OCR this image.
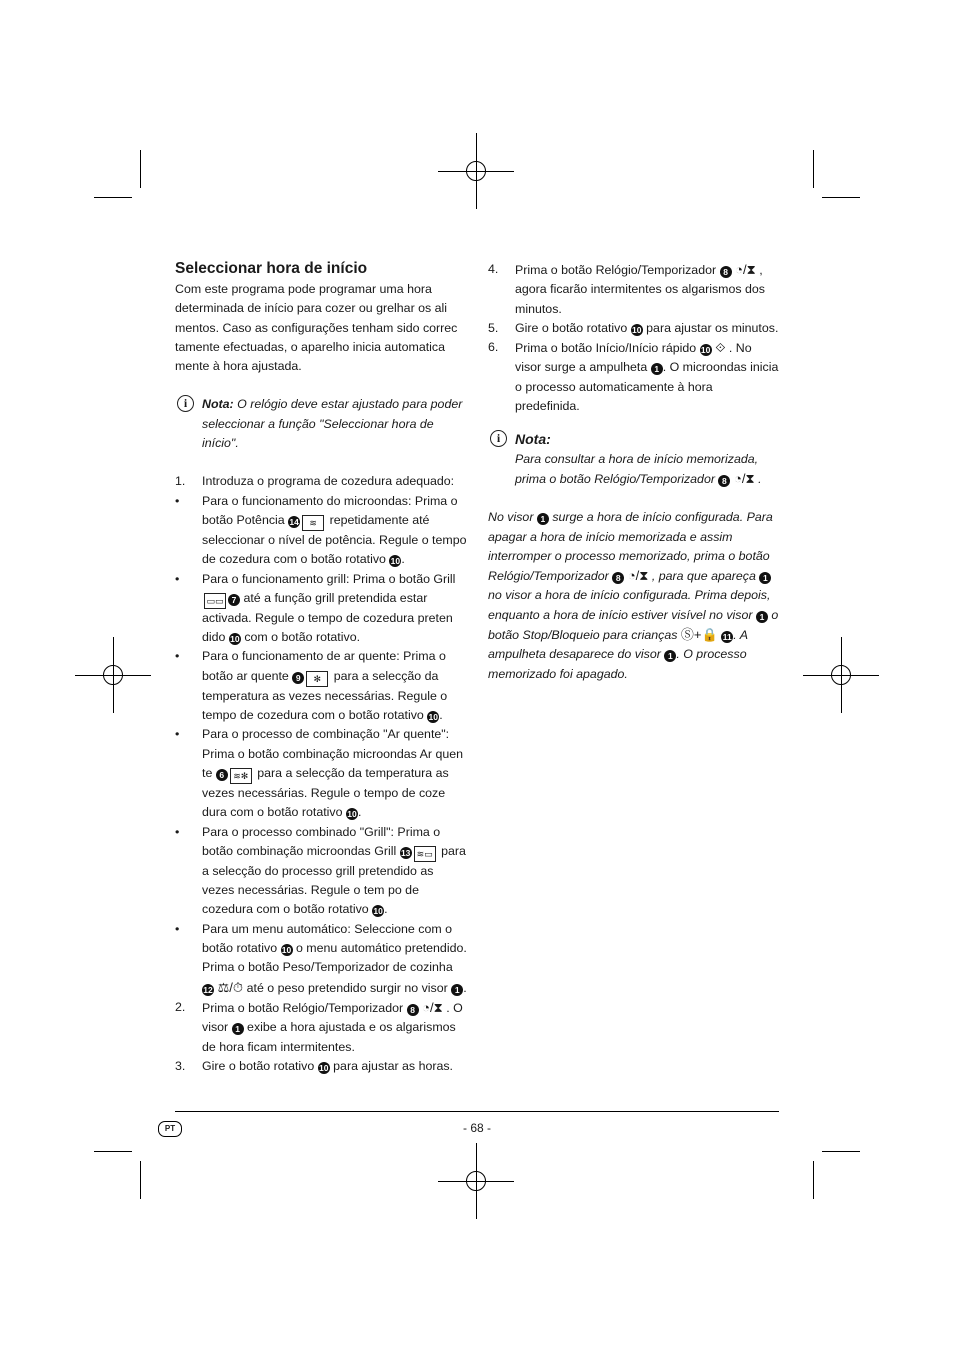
Seleccionar hora de início

Com este programa pode programar uma hora determinada de início para cozer ou grelhar os ali mentos. Caso as configurações tenham sido correc tamente efectuadas, o aparelho inicia automatica mente à hora ajustada.

i	Nota: O relógio deve estar ajustado para poder seleccionar a função "Seleccionar hora de início".
1. Introduza o programa de cozedura adequado:
• Para o funcionamento do microondas: Prima o botão Potência 14 ≋ repetidamente até seleccionar o nível de potência. Regule o tempo de cozedura com o botão rotativo 10.
• Para o funcionamento grill: Prima o botão Grill ▭▭ 7 até a função grill pretendida estar activada. Regule o tempo de cozedura preten dido 10 com o botão rotativo.
• Para o funcionamento de ar quente: Prima o botão ar quente 9 ✻ para a selecção da temperatura as vezes necessárias. Regule o tempo de cozedura com o botão rotativo 10.
• Para o processo de combinação "Ar quente": Prima o botão combinação microondas Ar quen te 6 ≋✻ para a selecção da temperatura as vezes necessárias. Regule o tempo de coze dura com o botão rotativo 10.
• Para o processo combinado "Grill": Prima o botão combinação microondas Grill 13 ≋▭ para a selecção do processo grill pretendido as vezes necessárias. Regule o tem po de cozedura com o botão rotativo 10.
• Para um menu automático: Seleccione com o botão rotativo 10 o menu automático pretendido. Prima o botão Peso/Temporizador de cozinha 12 ⚖/⏱ até o peso pretendido surgir no visor 1 .
2. Prima o botão Relógio/Temporizador 8 ◔/⧗ . O visor 1 exibe a hora ajustada e os algarismos de hora ficam intermitentes.
3. Gire o botão rotativo 10 para ajustar as horas.
4. Prima o botão Relógio/Temporizador 8 ◔/⧗ , agora ficarão intermitentes os algarismos dos minutos.
5. Gire o botão rotativo 10 para ajustar os minutos.
6. Prima o botão Início/Início rápido 10 ⟐ . No visor surge a ampulheta 1 . O microondas inicia o processo automaticamente à hora predefinida.
i	Nota:
Para consultar a hora de início memorizada, prima o botão Relógio/Temporizador 8 ◔/⧗ .

No visor 1 surge a hora de início configurada. Para apagar a hora de início memorizada e assim interromper o processo memorizado, prima o botão Relógio/Temporizador 8 ◔/⧗ , para que apareça 1 no visor a hora de início configurada. Prima depois, enquanto a hora de início estiver visível no visor 1 o botão Stop/Bloqueio para crianças Ⓢ+🔒 11 . A ampulheta desaparece do visor 1 . O processo memorizado foi apagado.

PT	- 68 -
